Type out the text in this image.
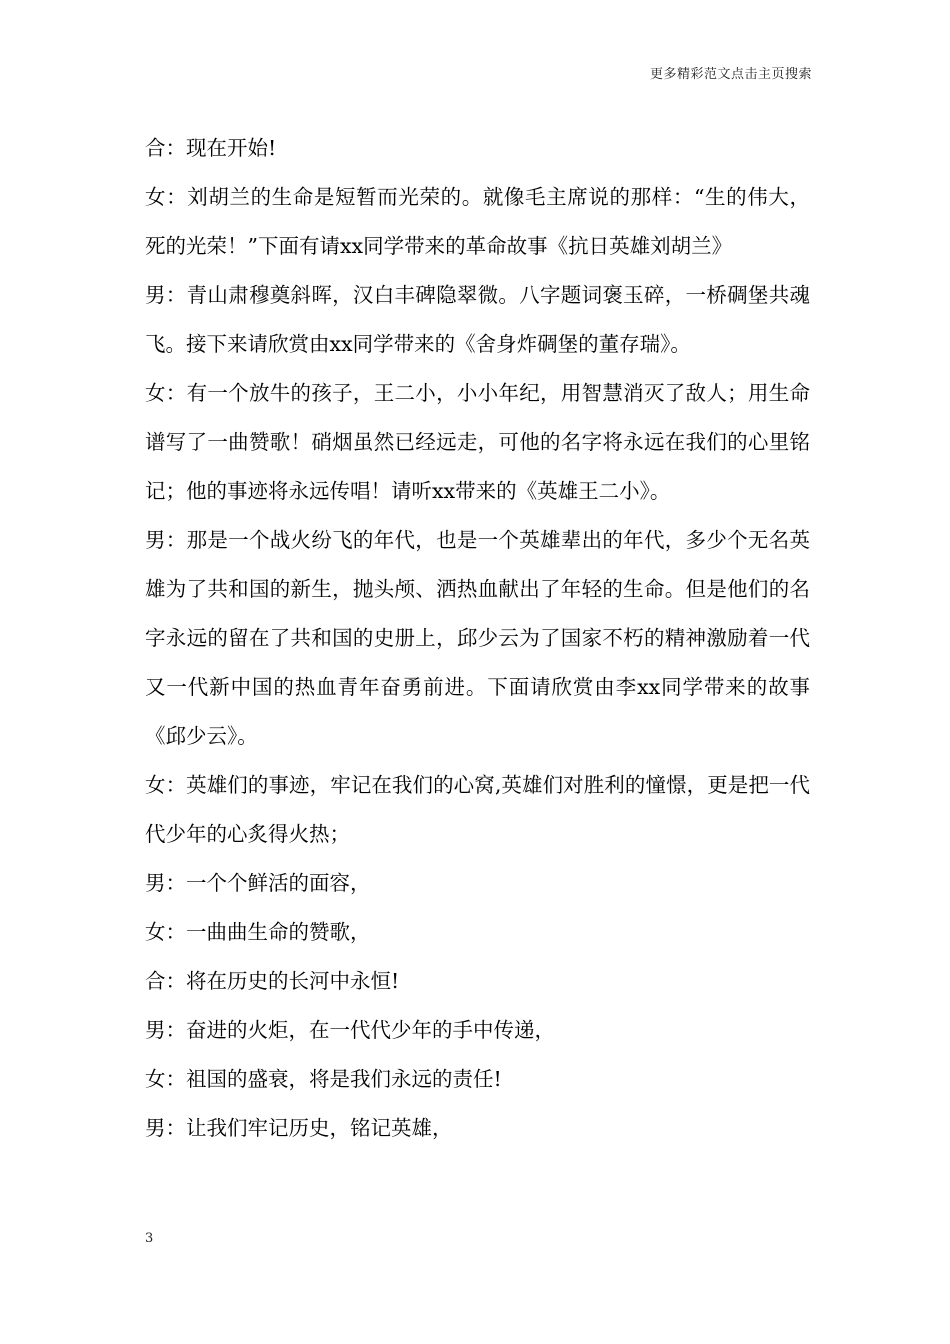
更多精彩范文点击主页搜索

合：现在开始!

女：刘胡兰的生命是短暂而光荣的。就像毛主席说的那样：“生的伟大，死的光荣！”下面有请xx同学带来的革命故事《抗日英雄刘胡兰》

男：青山肃穆奠斜晖，汉白丰碑隐翠微。八字题词褒玉碎，一桥碉堡共魂飞。接下来请欣赏由xx同学带来的《舍身炸碉堡的董存瑞》。

女：有一个放牛的孩子，王二小，小小年纪，用智慧消灭了敌人；用生命谱写了一曲赞歌！硝烟虽然已经远走，可他的名字将永远在我们的心里铭记；他的事迹将永远传唱！请听xx带来的《英雄王二小》。

男：那是一个战火纷飞的年代，也是一个英雄辈出的年代，多少个无名英雄为了共和国的新生，抛头颅、洒热血献出了年轻的生命。但是他们的名字永远的留在了共和国的史册上，邱少云为了国家不朽的精神激励着一代又一代新中国的热血青年奋勇前进。下面请欣赏由李xx同学带来的故事《邱少云》。

女：英雄们的事迹，牢记在我们的心窝,英雄们对胜利的憧憬，更是把一代代少年的心炙得火热；

男：一个个鲜活的面容，

女：一曲曲生命的赞歌，

合：将在历史的长河中永恒!

男：奋进的火炬，在一代代少年的手中传递，

女：祖国的盛衰，将是我们永远的责任!

男：让我们牢记历史，铭记英雄，

3
